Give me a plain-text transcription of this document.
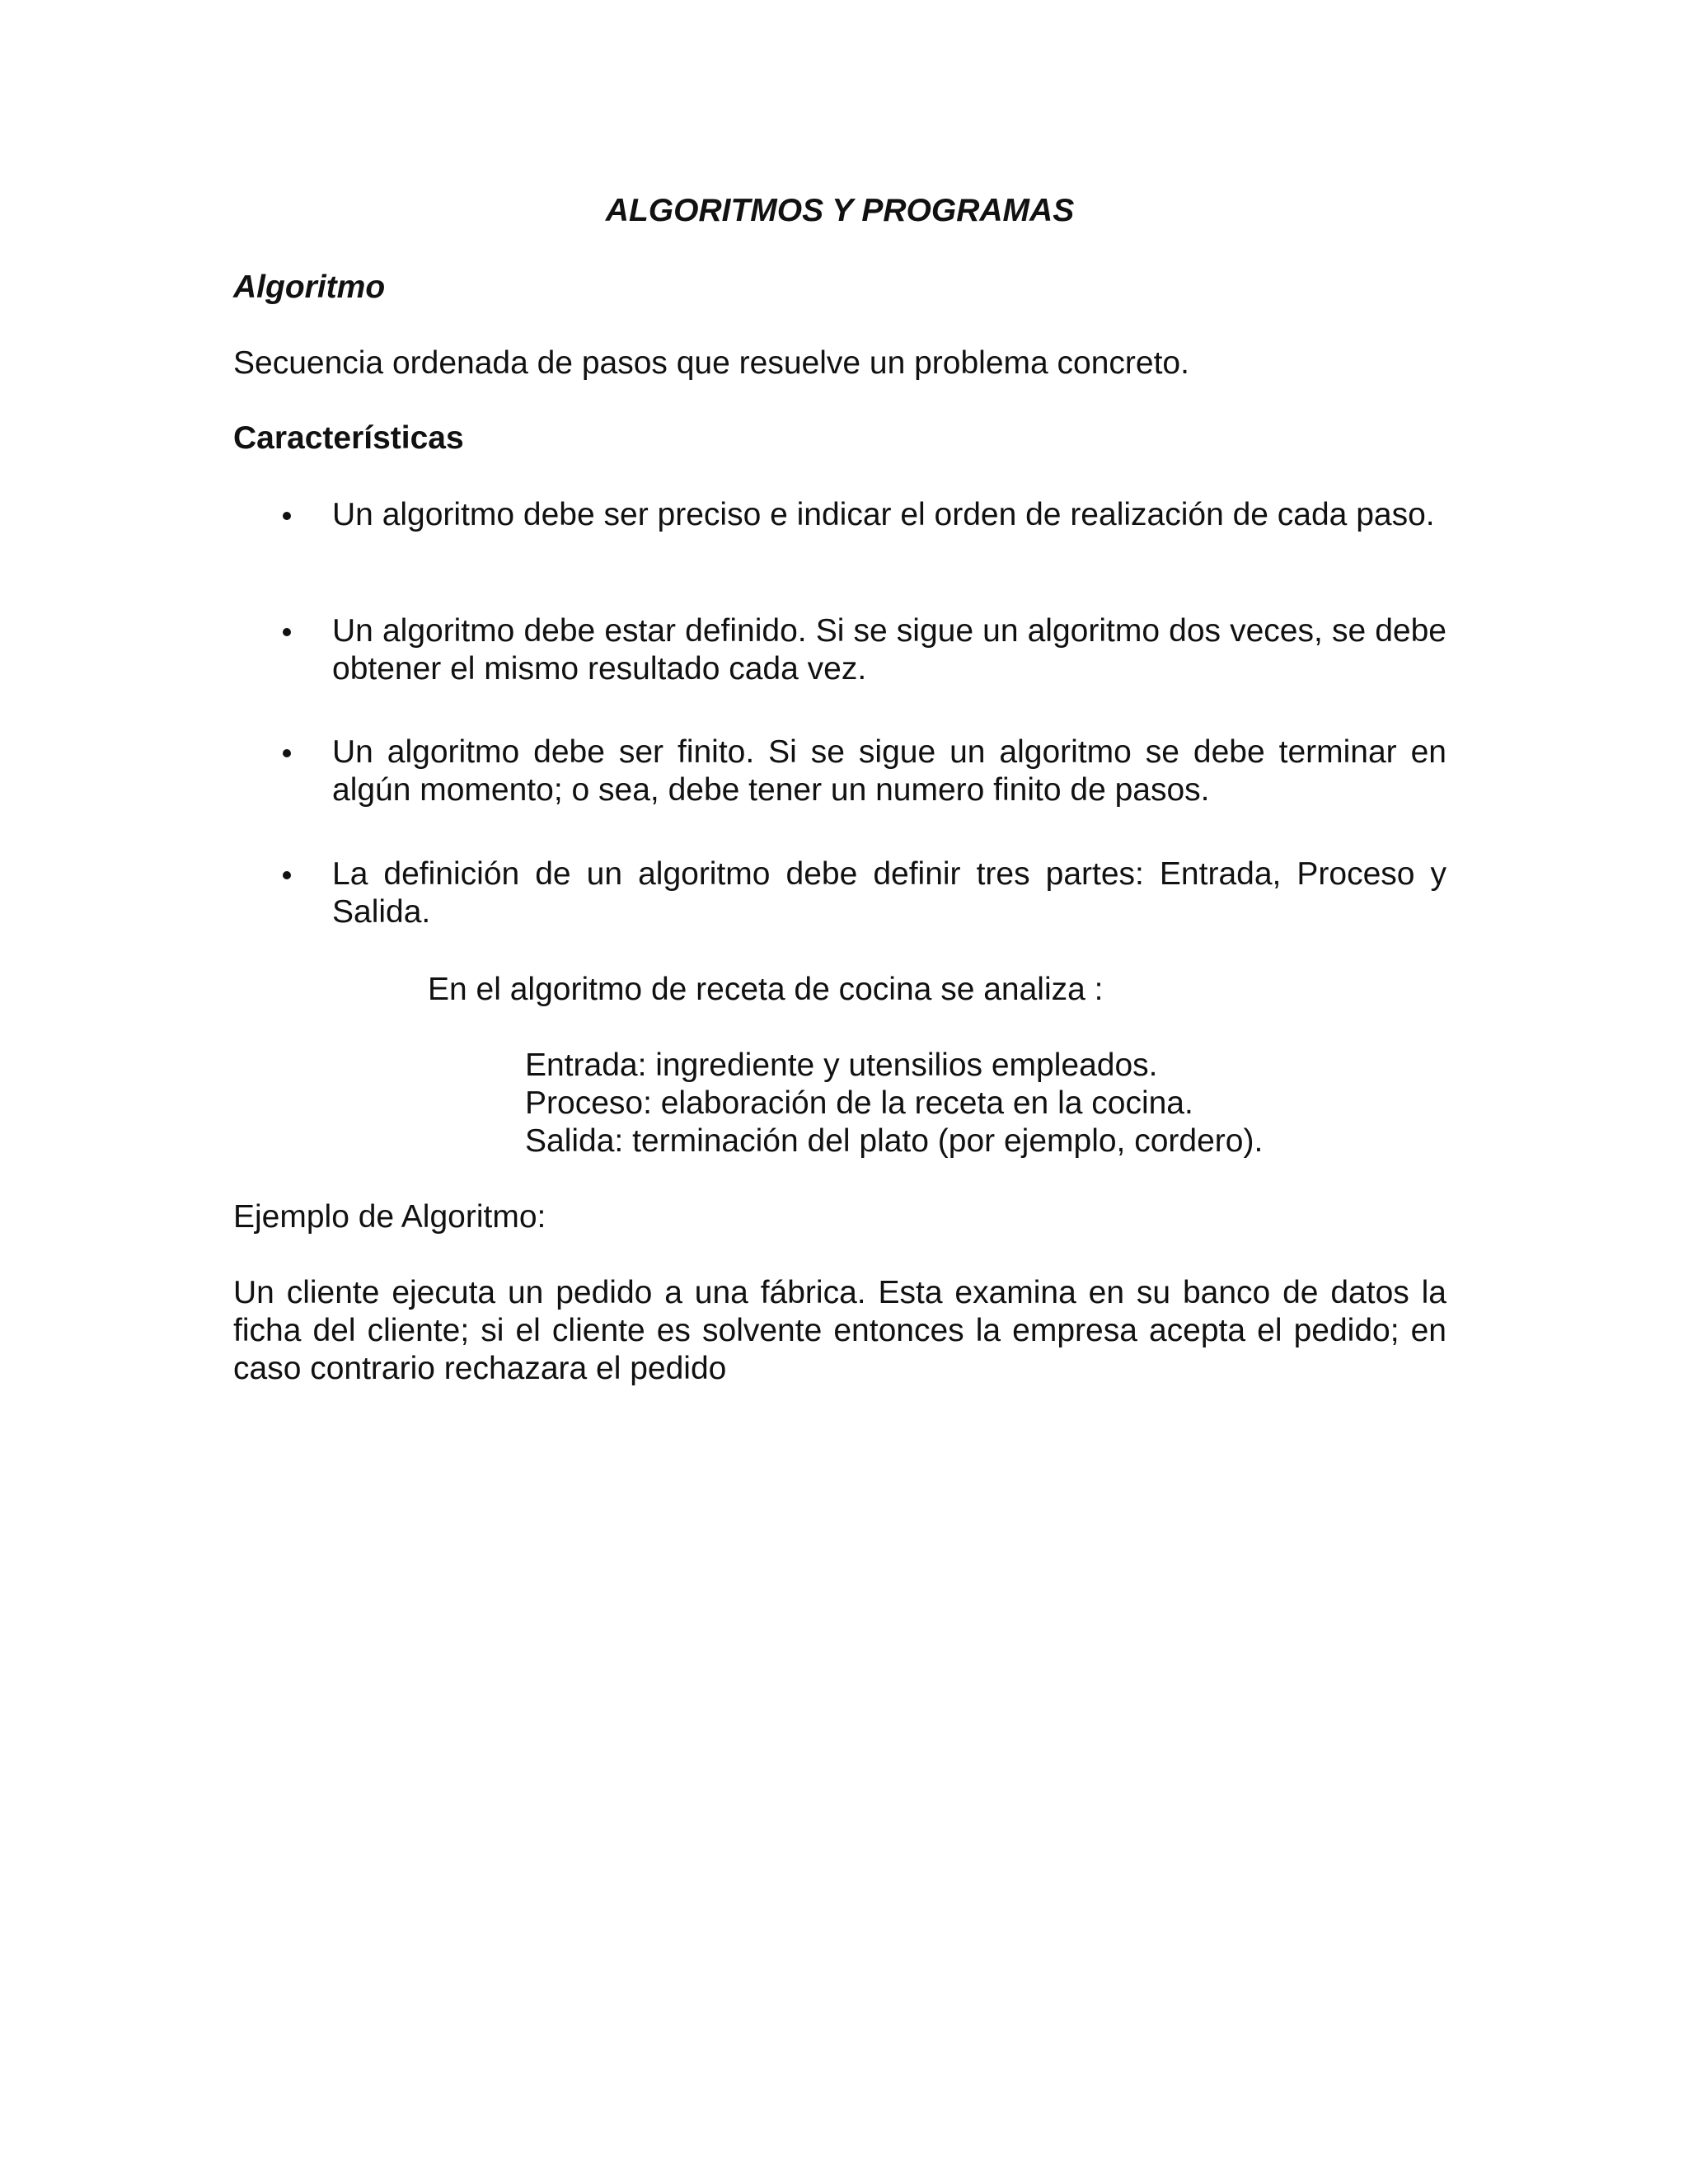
ALGORITMOS Y PROGRAMAS
Algoritmo
Secuencia ordenada de pasos que resuelve un problema concreto.
Características
Un algoritmo debe ser preciso e indicar el orden de realización de cada paso.
Un algoritmo debe estar definido. Si se sigue un algoritmo dos veces, se debe obtener el mismo resultado cada vez.
Un algoritmo debe ser finito. Si se sigue un algoritmo se debe terminar en algún momento; o sea, debe tener un numero finito de pasos.
La definición de un algoritmo debe definir tres partes: Entrada, Proceso y Salida.
En el algoritmo de receta de cocina se analiza :
Entrada: ingrediente y utensilios empleados.
Proceso: elaboración de la receta en la cocina.
Salida: terminación del plato (por ejemplo, cordero).
Ejemplo de Algoritmo:
Un cliente ejecuta un pedido a una fábrica. Esta examina en su banco de datos la ficha del cliente; si el cliente es solvente entonces la empresa acepta el pedido; en caso contrario rechazara el pedido
